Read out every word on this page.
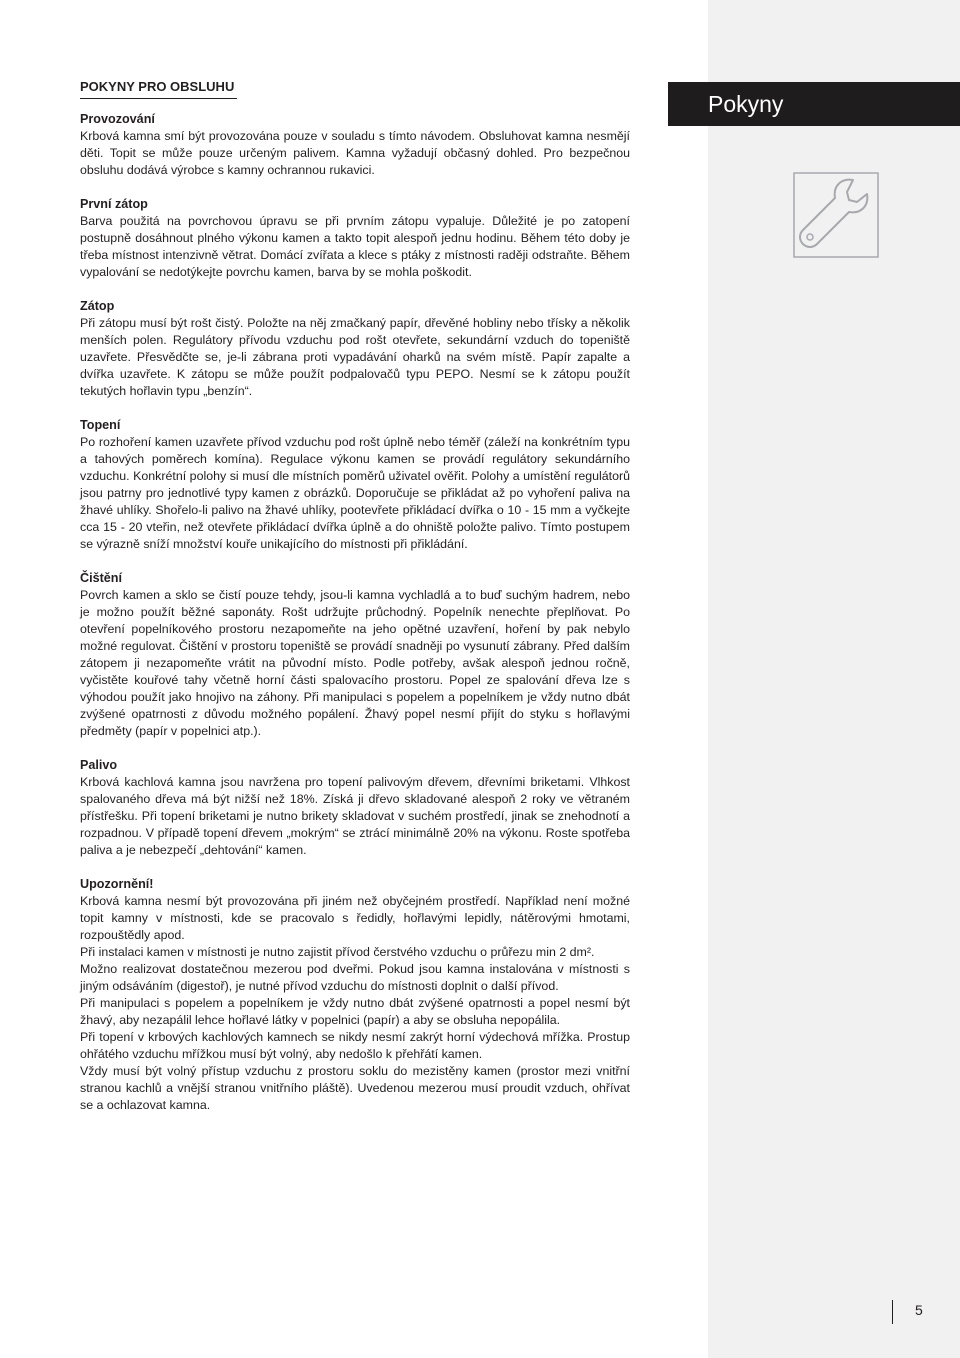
Pokyny
POKYNY PRO OBSLUHU
Provozování

Krbová kamna smí být provozována pouze v souladu s tímto návodem. Obsluhovat kamna nesmějí děti. Topit se může pouze určeným palivem. Kamna vyžadují občasný dohled. Pro bezpečnou obsluhu dodává výrobce s kamny ochrannou rukavici.

První zátop

Barva použitá na povrchovou úpravu se při prvním zátopu vypaluje. Důležité je po zatopení postupně dosáhnout plného výkonu kamen a takto topit alespoň jednu hodinu. Během této doby je třeba místnost intenzivně větrat. Domácí zvířata a klece s ptáky z místnosti raději odstraňte. Během vypalování se nedotýkejte povrchu kamen, barva by se mohla poškodit.

Zátop

Při zátopu musí být rošt čistý. Položte na něj zmačkaný papír, dřevěné hobliny nebo třísky a několik menších polen. Regulátory přívodu vzduchu pod rošt otevřete, sekundární vzduch do topeniště uzavřete. Přesvědčte se, je-li zábrana proti vypadávání oharků na svém místě. Papír zapalte a dvířka uzavřete. K zátopu se může použít podpalovačů typu PEPO. Nesmí se k zátopu použít tekutých hořlavin typu „benzín“.

Topení

Po rozhoření kamen uzavřete přívod vzduchu pod rošt úplně nebo téměř (záleží na konkrétním typu a tahových poměrech komína). Regulace výkonu kamen se provádí regulátory sekundárního vzduchu. Konkrétní polohy si musí dle místních poměrů uživatel ověřit. Polohy a umístění regulátorů jsou patrny pro jednotlivé typy kamen z obrázků. Doporučuje se přikládat až po vyhoření paliva na žhavé uhlíky. Shořelo-li palivo na žhavé uhlíky, pootevřete přikládací dvířka o 10 - 15 mm a vyčkejte cca 15 - 20 vteřin, než otevřete přikládací dvířka úplně a do ohniště položte palivo. Tímto postupem se výrazně sníží množství kouře unikajícího do místnosti při přikládání.

Čištění

Povrch kamen a sklo se čistí pouze tehdy, jsou-li kamna vychladlá a to buď suchým hadrem, nebo je možno použít běžné saponáty. Rošt udržujte průchodný. Popelník nenechte přeplňovat. Po otevření popelníkového prostoru nezapomeňte na jeho opětné uzavření, hoření by pak nebylo možné regulovat. Čištění v prostoru topeniště se provádí snadněji po vysunutí zábrany. Před dalším zátopem ji nezapomeňte vrátit na původní místo. Podle potřeby, avšak alespoň jednou ročně, vyčistěte kouřové tahy včetně horní části spalovacího prostoru. Popel ze spalování dřeva lze s výhodou použít jako hnojivo na záhony. Při manipulaci s popelem a popelníkem je vždy nutno dbát zvýšené opatrnosti z důvodu možného popálení. Žhavý popel nesmí přijít do styku s hořlavými předměty (papír v popelnici atp.).

Palivo

Krbová kachlová kamna jsou navržena pro topení palivovým dřevem, dřevními briketami. Vlhkost spalovaného dřeva má být nižší než 18%. Získá ji dřevo skladované alespoň 2 roky ve větraném přístřešku. Při topení briketami je nutno brikety skladovat v suchém prostředí, jinak se znehodnotí a rozpadnou. V případě topení dřevem „mokrým“ se ztrácí minimálně 20% na výkonu. Roste spotřeba paliva a je nebezpečí „dehtování“ kamen.

Upozornění!

Krbová kamna nesmí být provozována při jiném než obyčejném prostředí. Například není možné topit kamny v místnosti, kde se pracovalo s ředidly, hořlavými lepidly, nátěrovými hmotami, rozpouštědly apod.

Při instalaci kamen v místnosti je nutno zajistit přívod čerstvého vzduchu o průřezu min 2 dm².

Možno realizovat dostatečnou mezerou pod dveřmi. Pokud jsou kamna instalována v místnosti s jiným odsáváním (digestoř), je nutné přívod vzduchu do místnosti doplnit o další přívod.

Při manipulaci s popelem a popelníkem je vždy nutno dbát zvýšené opatrnosti a popel nesmí být žhavý, aby nezapálil lehce hořlavé látky v popelnici (papír) a aby se obsluha nepopálila.

Při topení v krbových kachlových kamnech se nikdy nesmí zakrýt horní výdechová mřížka. Prostup ohřátého vzduchu mřížkou musí být volný, aby nedošlo k přehřátí kamen.

Vždy musí být volný přístup vzduchu z prostoru soklu do mezistěny kamen (prostor mezi vnitřní stranou kachlů a vnější stranou vnitřního pláště). Uvedenou mezerou musí proudit vzduch, ohřívat se a ochlazovat kamna.

5
